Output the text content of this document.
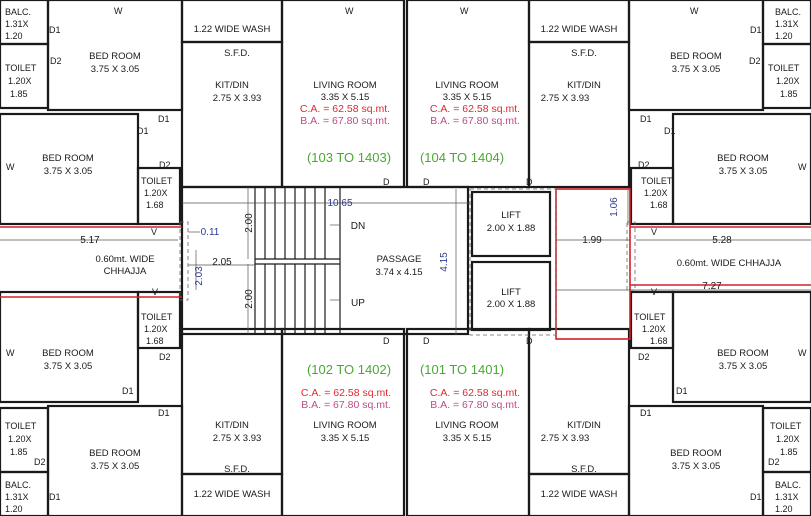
BALC.
1.31X
1.20
TOILET
1.20X
1.85
D1
D2
W
BED ROOM
3.75 X 3.05
D1
1.22 WIDE WASH
S.F.D.
KIT/DIN
2.75 X 3.93
W
LIVING ROOM
3.35 X 5.15
C.A. = 62.58 sq.mt.
B.A. = 67.80 sq.mt.
(103 TO 1403)
D
D1
W
BED ROOM
3.75 X 3.05
D2
TOILET
1.20X
1.68
BALC.
1.31X
1.20
TOILET
1.20X
1.85
D1
D2
W
BED ROOM
3.75 X 3.05
D1
1.22 WIDE WASH
S.F.D.
KIT/DIN
2.75 X 3.93
W
LIVING ROOM
3.35 X 5.15
C.A. = 62.58 sq.mt.
B.A. = 67.80 sq.mt.
(104 TO 1404)
D	D
D1
W
BED ROOM
3.75 X 3.05
D2
TOILET
1.20X
1.68
10.65
DN
UP
PASSAGE
3.74 x 4.15
4.15
2.00
2.00
2.05
2.03
0.11
5.17
V
V
0.60mt. WIDE
CHHAJJA
D	D	D
LIFT
2.00 X 1.88
LIFT
2.00 X 1.88
1.06
1.99	5.28
V
V
0.60mt. WIDE CHHAJJA
7.27
TOILET
1.20X
1.68
D2
W	BED ROOM
3.75 X 3.05
D1
(102 TO 1402)
C.A. = 62.58 sq.mt.
B.A. = 67.80 sq.mt.
D1
KIT/DIN
2.75 X 3.93
LIVING ROOM
3.35 X 5.15
S.F.D.
1.22 WIDE WASH
TOILET
1.20X
1.85
D2
BALC.
1.31X
1.20
D1
BED ROOM
3.75 X 3.05
TOILET
1.20X
1.68
D2	W
BED ROOM
3.75 X 3.05
D1
(101 TO 1401)
C.A. = 62.58 sq.mt.
B.A. = 67.80 sq.mt.
D1
KIT/DIN
2.75 X 3.93
LIVING ROOM
3.35 X 5.15
S.F.D.
1.22 WIDE WASH
TOILET
1.20X
1.85
D2
BALC.
1.31X
1.20
D1
BED ROOM
3.75 X 3.05
